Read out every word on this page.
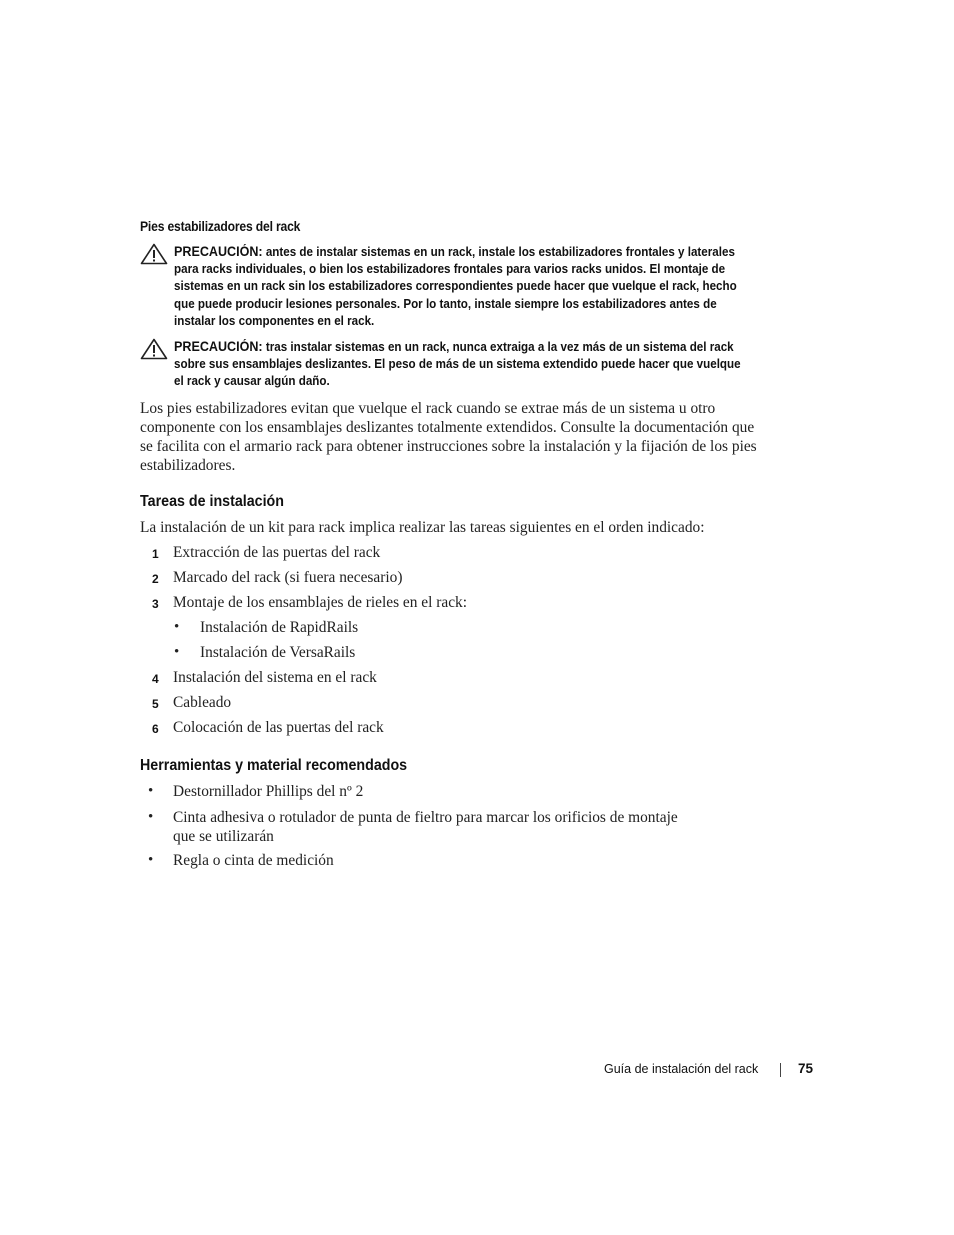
Pies estabilizadores del rack
PRECAUCIÓN: antes de instalar sistemas en un rack, instale los estabilizadores frontales y laterales para racks individuales, o bien los estabilizadores frontales para varios racks unidos. El montaje de sistemas en un rack sin los estabilizadores correspondientes puede hacer que vuelque el rack, hecho que puede producir lesiones personales. Por lo tanto, instale siempre los estabilizadores antes de instalar los componentes en el rack.
PRECAUCIÓN: tras instalar sistemas en un rack, nunca extraiga a la vez más de un sistema del rack sobre sus ensamblajes deslizantes. El peso de más de un sistema extendido puede hacer que vuelque el rack y causar algún daño.
Los pies estabilizadores evitan que vuelque el rack cuando se extrae más de un sistema u otro componente con los ensamblajes deslizantes totalmente extendidos. Consulte la documentación que se facilita con el armario rack para obtener instrucciones sobre la instalación y la fijación de los pies estabilizadores.
Tareas de instalación
La instalación de un kit para rack implica realizar las tareas siguientes en el orden indicado:
1 Extracción de las puertas del rack
2 Marcado del rack (si fuera necesario)
3 Montaje de los ensamblajes de rieles en el rack:
• Instalación de RapidRails
• Instalación de VersaRails
4 Instalación del sistema en el rack
5 Cableado
6 Colocación de las puertas del rack
Herramientas y material recomendados
• Destornillador Phillips del nº 2
• Cinta adhesiva o rotulador de punta de fieltro para marcar los orificios de montaje que se utilizarán
• Regla o cinta de medición
Guía de instalación del rack	75
